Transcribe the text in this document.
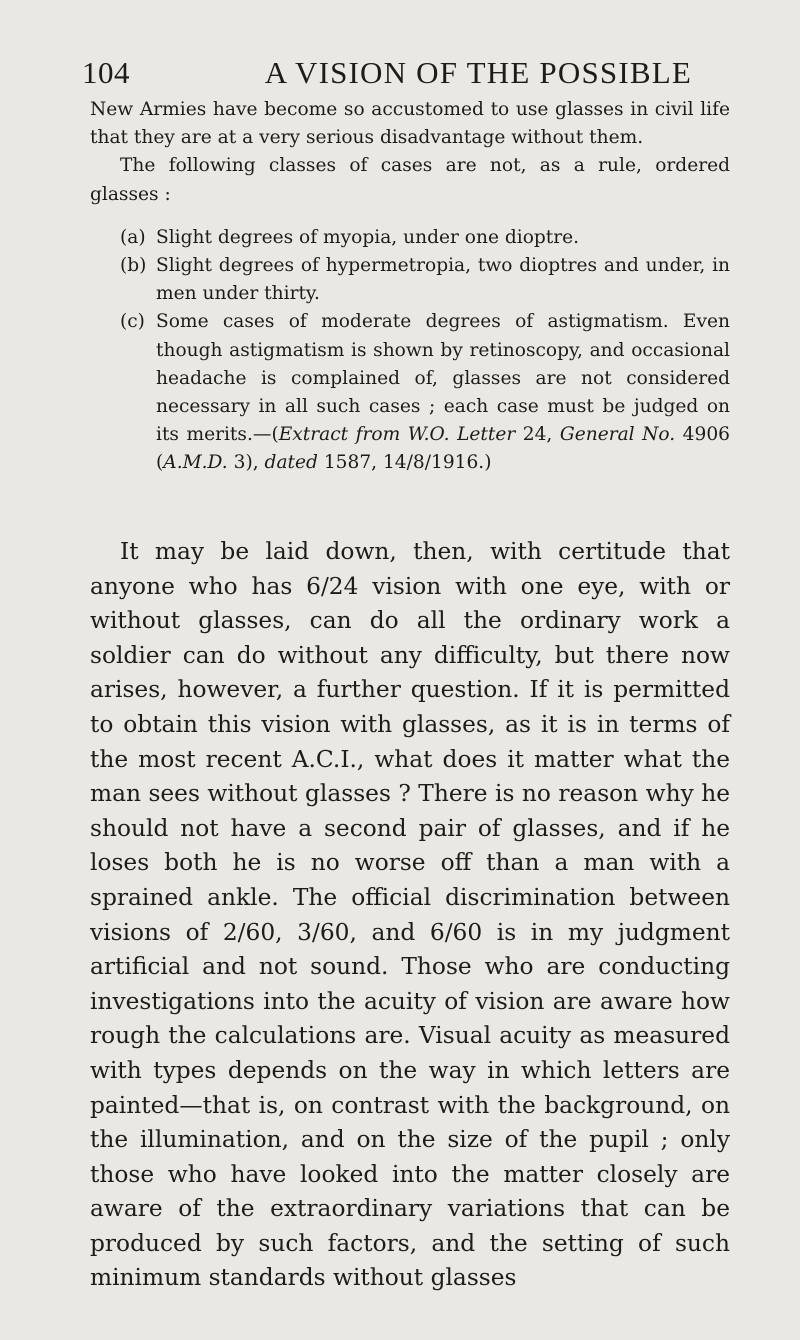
104	A VISION OF THE POSSIBLE

New Armies have become so accustomed to use glasses in civil life that they are at a very serious disadvantage without them.

The following classes of cases are not, as a rule, ordered glasses :

(a) Slight degrees of myopia, under one dioptre.
(b) Slight degrees of hypermetropia, two dioptres and under, in men under thirty.
(c) Some cases of moderate degrees of astigmatism. Even though astigmatism is shown by retinoscopy, and occasional headache is complained of, glasses are not considered necessary in all such cases ; each case must be judged on its merits.—(Extract from W.O. Letter 24, General No. 4906 (A.M.D. 3), dated 1587, 14/8/1916.)

It may be laid down, then, with certitude that anyone who has 6/24 vision with one eye, with or without glasses, can do all the ordinary work a soldier can do without any difficulty, but there now arises, however, a further question. If it is permitted to obtain this vision with glasses, as it is in terms of the most recent A.C.I., what does it matter what the man sees without glasses ? There is no reason why he should not have a second pair of glasses, and if he loses both he is no worse off than a man with a sprained ankle. The official discrimination between visions of 2/60, 3/60, and 6/60 is in my judgment artificial and not sound. Those who are conducting investigations into the acuity of vision are aware how rough the calculations are. Visual acuity as measured with types depends on the way in which letters are painted—that is, on contrast with the background, on the illumination, and on the size of the pupil ; only those who have looked into the matter closely are aware of the extraordinary variations that can be produced by such factors, and the setting of such minimum standards without glasses
